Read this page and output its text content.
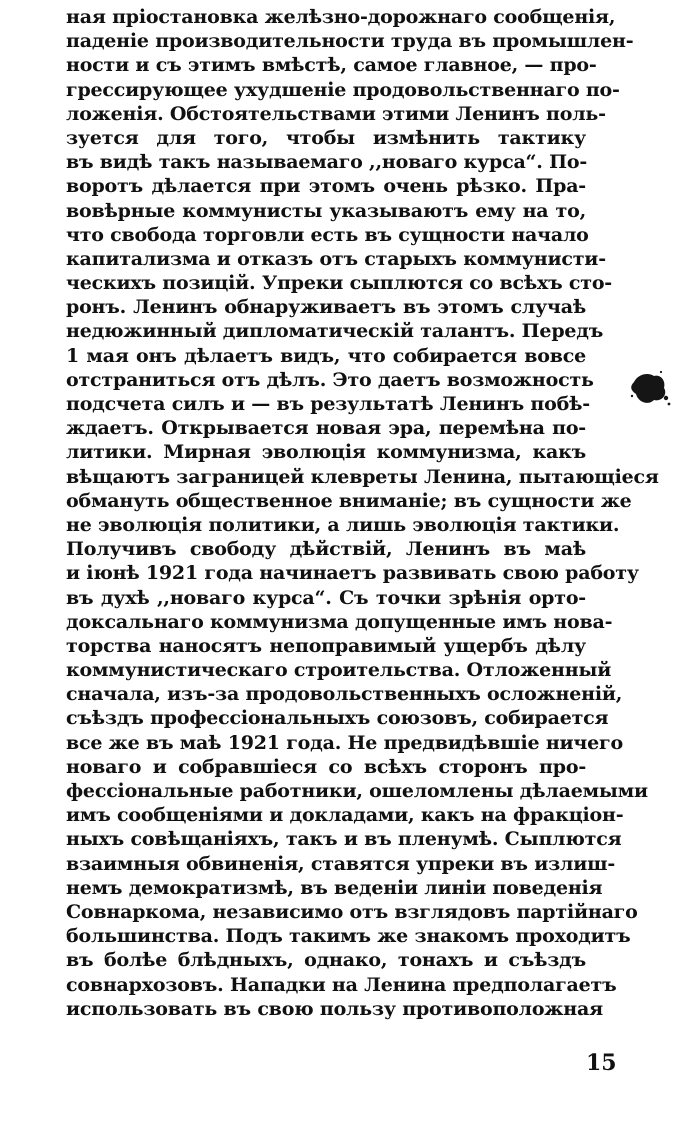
ная пріостановка желѣзно-дорожнаго сообщенія,
паденіе производительности труда въ промышлен-
ности и съ этимъ вмѣстѣ, самое главное, — про-
грессирующее ухудшеніе продовольственнаго по-
ложенія. Обстоятельствами этими Ленинъ поль-
зуется для того, чтобы измѣнить тактику
въ видѣ такъ называемаго ,,новаго курса“. По-
воротъ дѣлается при этомъ очень рѣзко. Пра-
вовѣрные коммунисты указываютъ ему на то,
что свобода торговли есть въ сущности начало
капитализма и отказъ отъ старыхъ коммунисти-
ческихъ позицій. Упреки сыплются со всѣхъ сто-
ронъ. Ленинъ обнаруживаетъ въ этомъ случаѣ
недюжинный дипломатическій талантъ. Передъ
1 мая онъ дѣлаетъ видъ, что собирается вовсе
отстраниться отъ дѣлъ. Это даетъ возможность
подсчета силъ и — въ результатѣ Ленинъ побѣ-
ждаетъ. Открывается новая эра, перемѣна по-
литики. Мирная эволюція коммунизма, какъ
вѣщаютъ заграницей клевреты Ленина, пытающіеся
обмануть общественное вниманіе; въ сущности же
не эволюція политики, а лишь эволюція тактики.
Получивъ свободу дѣйствій, Ленинъ въ маѣ
и іюнѣ 1921 года начинаетъ развивать свою работу
въ духѣ ,,новаго курса“. Съ точки зрѣнія орто-
доксальнаго коммунизма допущенные имъ нова-
торства наносятъ непоправимый ущербъ дѣлу
коммунистическаго строительства. Отложенный
сначала, изъ-за продовольственныхъ осложненій,
съѣздъ профессіональныхъ союзовъ, собирается
все же въ маѣ 1921 года. Не предвидѣвшіе ничего
новаго и собравшіеся со всѣхъ сторонъ про-
фессіональные работники, ошеломлены дѣлаемыми
имъ сообщеніями и докладами, какъ на фракціон-
ныхъ совѣщаніяхъ, такъ и въ пленумѣ. Сыплются
взаимныя обвиненія, ставятся упреки въ излиш-
немъ демократизмѣ, въ веденіи линіи поведенія
Совнаркома, независимо отъ взглядовъ партійнаго
большинства. Подъ такимъ же знакомъ проходитъ
въ болѣе блѣдныхъ, однако, тонахъ и съѣздъ
совнархозовъ. Нападки на Ленина предполагаетъ
использовать въ свою пользу противоположная
15
